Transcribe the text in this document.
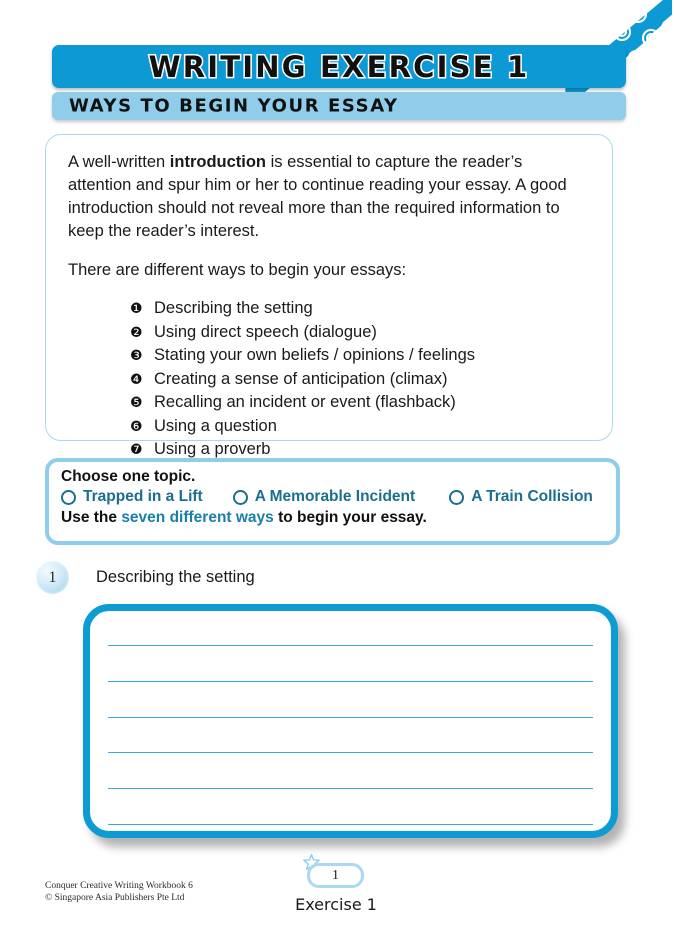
WRITING EXERCISE 1
WAYS TO BEGIN YOUR ESSAY

A well-written introduction is essential to capture the reader’s attention and spur him or her to continue reading your essay. A good introduction should not reveal more than the required information to keep the reader’s interest.

There are different ways to begin your essays:

❶ Describing the setting
❷ Using direct speech (dialogue)
❸ Stating your own beliefs / opinions / feelings
❹ Creating a sense of anticipation (climax)
❺ Recalling an incident or event (flashback)
❻ Using a question
❼ Using a proverb

Choose one topic.

Trapped in a Lift	A Memorable Incident	A Train Collision

Use the seven different ways to begin your essay.

1	Describing the setting
Conquer Creative Writing Workbook 6
© Singapore Asia Publishers Pte Ltd
1
Exercise 1
